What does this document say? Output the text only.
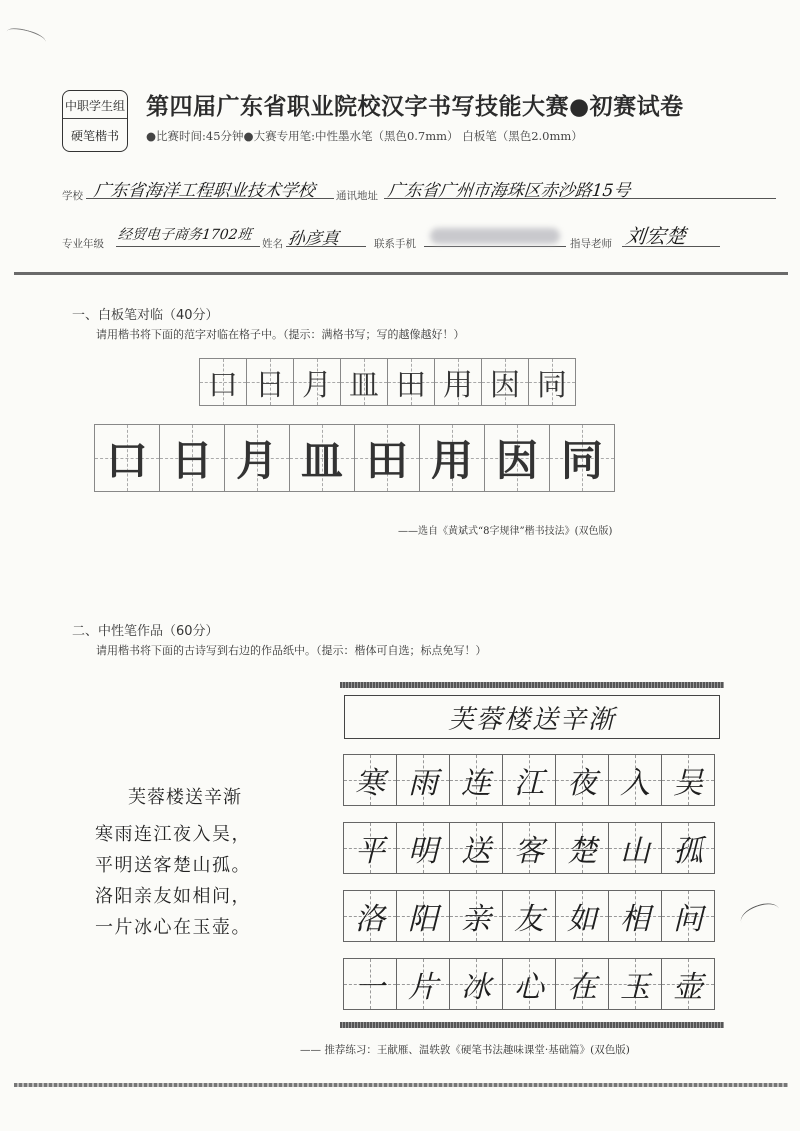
中职学生组
硬笔楷书
第四届广东省职业院校汉字书写技能大赛●初赛试卷
●比赛时间:45分钟●大赛专用笔:中性墨水笔（黑色0.7mm） 白板笔（黑色2.0mm）
学校 广东省海洋工程职业技术学校 通讯地址 广东省广州市海珠区赤沙路15号
专业年级
经贸电子商务1702班
姓名 孙彦真	联系手机	指导老师 刘宏楚
一、白板笔对临（40分）
请用楷书将下面的范字对临在格子中。（提示：满格书写；写的越像越好！）
口 日 月 皿 田 用 因 同
口 日 月 皿 田 用 因 同
——选自《黄斌式“8字规律”楷书技法》(双色版)
二、中性笔作品（60分）
请用楷书将下面的古诗写到右边的作品纸中。（提示：楷体可自选；标点免写！）
芙蓉楼送辛渐
寒雨连江夜入吴，
平明送客楚山孤。
洛阳亲友如相问，
一片冰心在玉壶。
芙蓉楼送辛渐
寒 雨 连 江 夜 入 吴
平 明 送 客 楚 山 孤
洛 阳 亲 友 如 相 问
一 片 冰 心 在 玉 壶
—— 推荐练习：王献雁、温轶敦《硬笔书法趣味课堂·基础篇》(双色版)
